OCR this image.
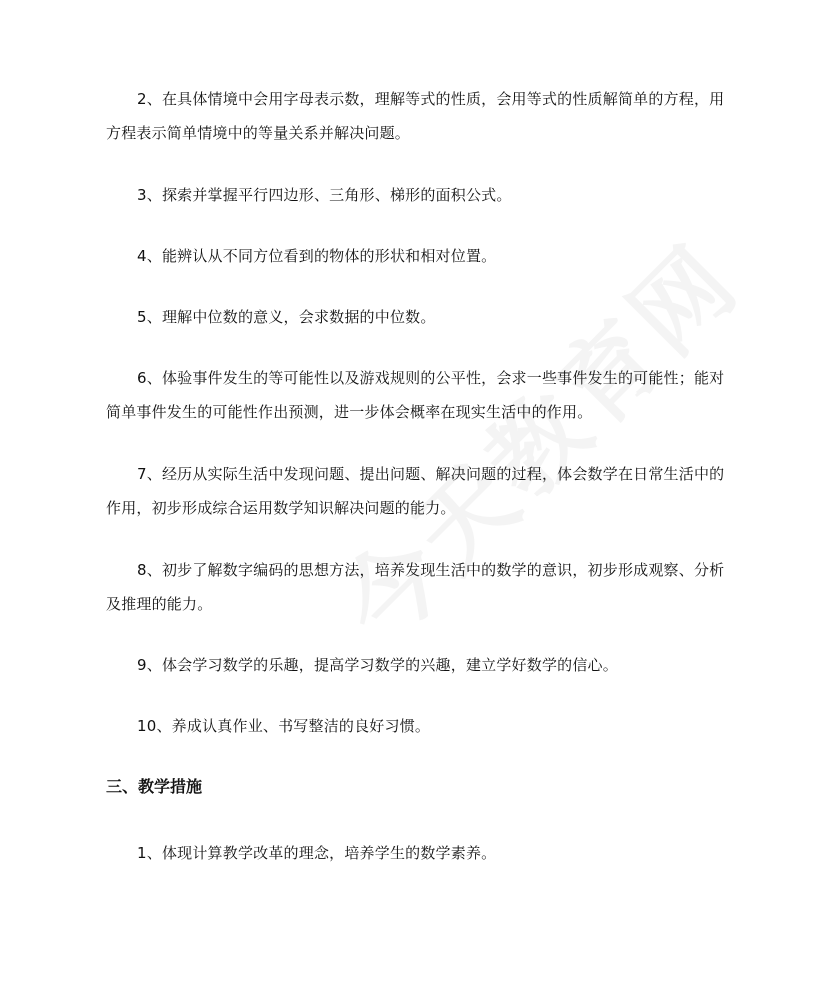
2、在具体情境中会用字母表示数，理解等式的性质，会用等式的性质解简单的方程，用方程表示简单情境中的等量关系并解决问题。

3、探索并掌握平行四边形、三角形、梯形的面积公式。

4、能辨认从不同方位看到的物体的形状和相对位置。

5、理解中位数的意义，会求数据的中位数。

6、体验事件发生的等可能性以及游戏规则的公平性，会求一些事件发生的可能性；能对简单事件发生的可能性作出预测，进一步体会概率在现实生活中的作用。

7、经历从实际生活中发现问题、提出问题、解决问题的过程，体会数学在日常生活中的作用，初步形成综合运用数学知识解决问题的能力。

8、初步了解数字编码的思想方法，培养发现生活中的数学的意识，初步形成观察、分析及推理的能力。

9、体会学习数学的乐趣，提高学习数学的兴趣，建立学好数学的信心。

10、养成认真作业、书写整洁的良好习惯。

三、教学措施

1、体现计算教学改革的理念，培养学生的数学素养。
